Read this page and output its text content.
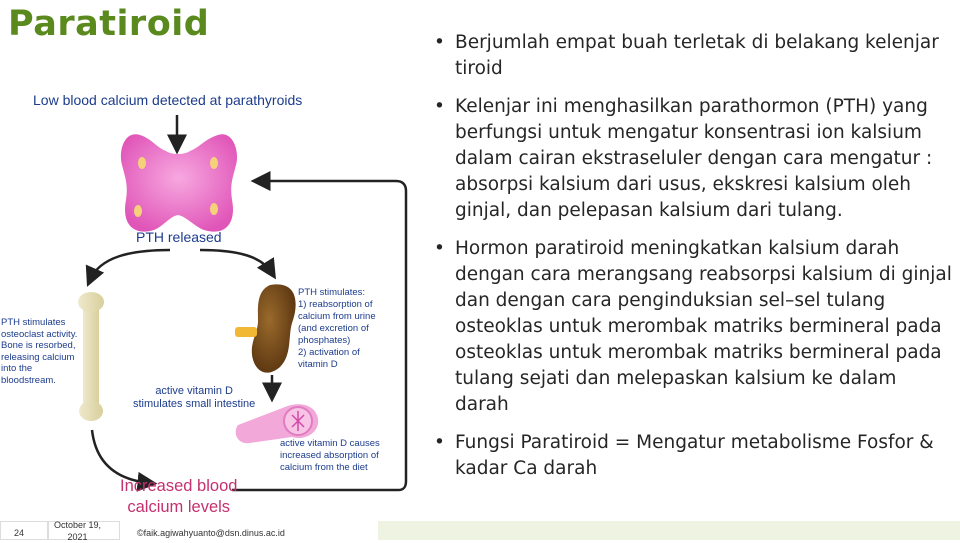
Paratiroid
Low blood calcium detected at parathyroids
PTH released
PTH stimulates
osteoclast activity.
Bone is resorbed,
releasing calcium
into the
bloodstream.
PTH stimulates:
1) reabsorption of
calcium from urine
(and excretion of
phosphates)
2) activation of
vitamin D
active vitamin D
stimulates small intestine
active vitamin D causes
increased absorption of
calcium from the diet
Increased blood
calcium levels
• Berjumlah empat buah terletak di belakang kelenjar tiroid
• Kelenjar ini menghasilkan parathormon (PTH) yang berfungsi untuk mengatur konsentrasi ion kalsium dalam cairan ekstraseluler dengan cara mengatur : absorpsi kalsium dari usus, ekskresi kalsium oleh ginjal, dan pelepasan kalsium dari tulang.
• Hormon paratiroid meningkatkan kalsium darah dengan cara merangsang reabsorpsi kalsium di ginjal dan dengan cara penginduksian sel–sel tulang osteoklas untuk merombak matriks bermineral pada osteoklas untuk merombak matriks bermineral pada tulang sejati dan melepaskan kalsium ke dalam darah
• Fungsi Paratiroid = Mengatur metabolisme Fosfor & kadar Ca darah
24
October 19,
2021	©faik.agiwahyuanto@dsn.dinus.ac.id
